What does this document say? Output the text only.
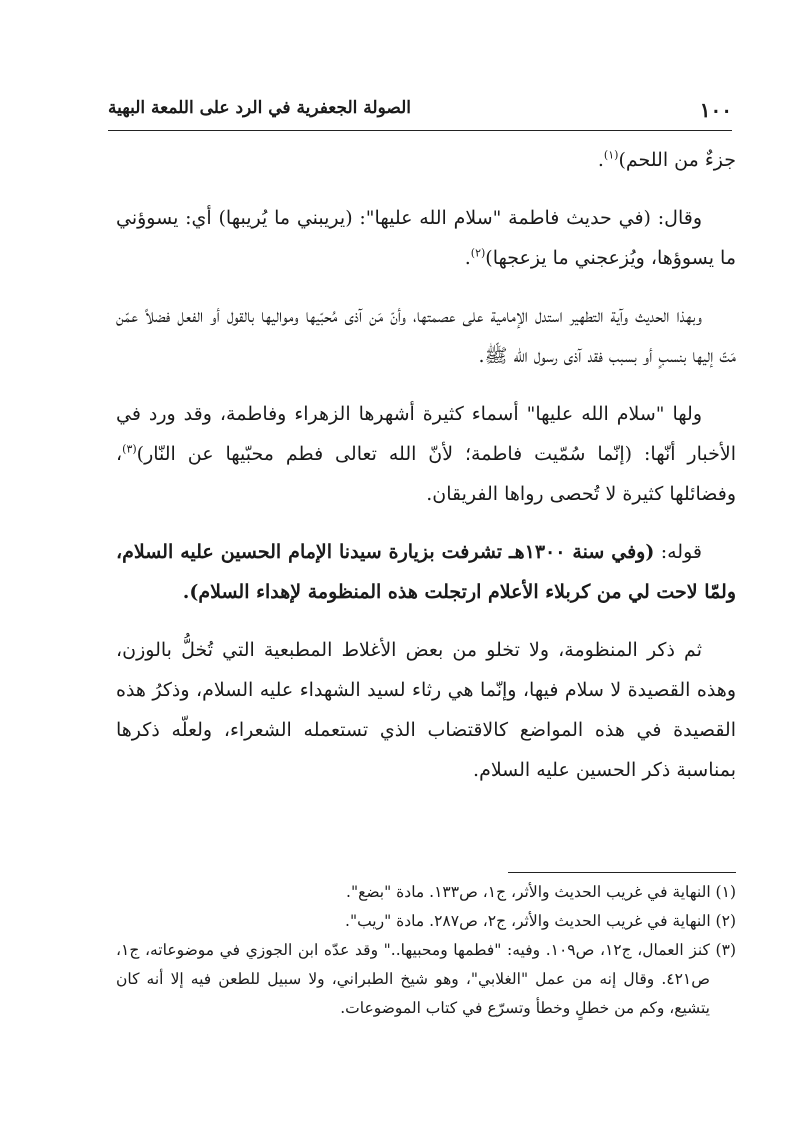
١٠٠
الصولة الجعفرية في الرد على اللمعة البهية

جزءٌ من اللحم)$^{(١)}$.

وقال: (في حديث فاطمة "سلام الله عليها": (يريبني ما يُريبها) أي: يسوؤني ما يسوؤها، ويُزعجني ما يزعجها)$^{(٢)}$.

وبهذا الحديث وآية التطهير استدل الإمامية على عصمتها، وأنّ مَن آذى مُحبّيها ومواليها بالقول أو الفعل فضلاً عمّن مَتّ إليها بنسبٍ أو بسبب فقد آذى رسول الله ﷺ.

ولها "سلام الله عليها" أسماء كثيرة أشهرها الزهراء وفاطمة، وقد ورد في الأخبار أنّها: (إنّما سُمّيت فاطمة؛ لأنّ الله تعالى فطم محبّيها عن النّار)$^{(٣)}$، وفضائلها كثيرة لا تُحصى رواها الفريقان.

قوله: (وفي سنة ١٣٠٠هـ تشرفت بزيارة سيدنا الإمام الحسين عليه السلام، ولمّا لاحت لي من كربلاء الأعلام ارتجلت هذه المنظومة لإهداء السلام).

ثم ذكر المنظومة، ولا تخلو من بعض الأغلاط المطبعية التي تُخلُّ بالوزن، وهذه القصيدة لا سلام فيها، وإنّما هي رثاء لسيد الشهداء عليه السلام، وذكرُ هذه القصيدة في هذه المواضع كالاقتضاب الذي تستعمله الشعراء، ولعلّه ذكرها بمناسبة ذكر الحسين عليه السلام.

(١) النهاية في غريب الحديث والأثر، ج١، ص١٣٣. مادة "بضع".

(٢) النهاية في غريب الحديث والأثر، ج٢، ص٢٨٧. مادة "ريب".

(٣) كنز العمال، ج١٢، ص١٠٩. وفيه: "فطمها ومحبيها.." وقد عدّه ابن الجوزي في موضوعاته، ج١، ص٤٢١. وقال إنه من عمل "الغلابي"، وهو شيخ الطبراني، ولا سبيل للطعن فيه إلا أنه كان يتشيع، وكم من خطلٍ وخطأ وتسرّع في كتاب الموضوعات.
